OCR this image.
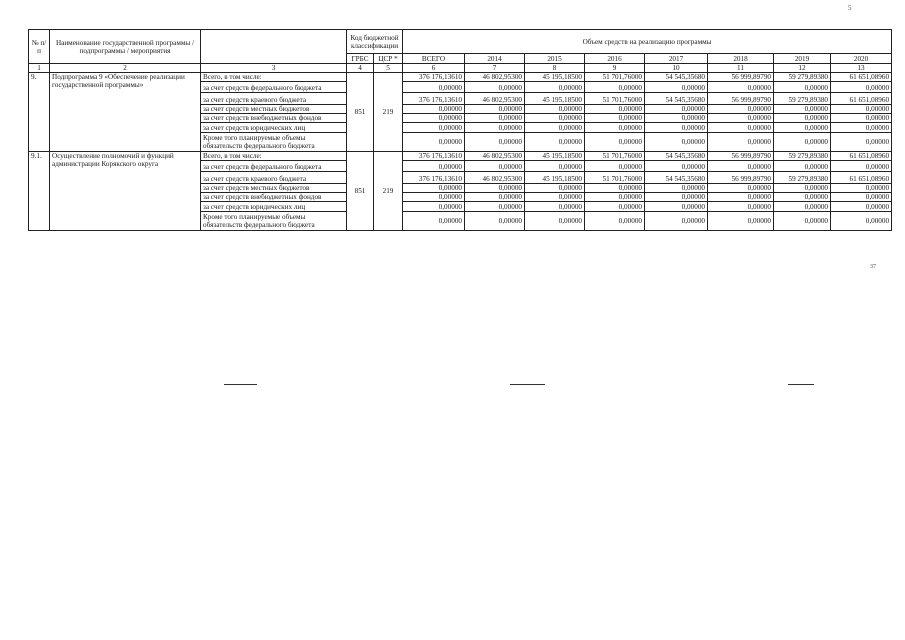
5
№ п/п	Наименование государственной программы / подпрограммы / мероприятия		Код бюджетной классификации		Объем средств на реализацию программы							
			ГРБС	ЦСР *	ВСЕГО	2014	2015	2016	2017	2018	2019	2020
1	2	3	4	5	6	7	8	9	10	11	12	13
9.	Подпрограмма 9 «Обеспечение реализации государственной программы»	Всего, в том числе:	851	219	376 176,13610	46 802,95300	45 195,18500	51 701,76000	54 545,35680	56 999,89790	59 279,89380	61 651,08960
		за счет средств федерального бюджета			0,00000	0,00000	0,00000	0,00000	0,00000	0,00000	0,00000	0,00000
		за счет средств краевого бюджета			376 176,13610	46 802,95300	45 195,18500	51 701,76000	54 545,35680	56 999,89790	59 279,89380	61 651,08960
		за счет средств местных бюджетов			0,00000	0,00000	0,00000	0,00000	0,00000	0,00000	0,00000	0,00000
		за счет средств внебюджетных фондов			0,00000	0,00000	0,00000	0,00000	0,00000	0,00000	0,00000	0,00000
		за счет средств юридических лиц			0,00000	0,00000	0,00000	0,00000	0,00000	0,00000	0,00000	0,00000
		Кроме того планируемые объемы обязательств федерального бюджета			0,00000	0,00000	0,00000	0,00000	0,00000	0,00000	0,00000	0,00000
9.1.	Осуществление полномочий и функций администрации Корякского округа	Всего, в том числе:	851	219	376 176,13610	46 802,95300	45 195,18500	51 701,76000	54 545,35680	56 999,89790	59 279,89380	61 651,08960
		за счет средств федерального бюджета			0,00000	0,00000	0,00000	0,00000	0,00000	0,00000	0,00000	0,00000
		за счет средств краевого бюджета			376 176,13610	46 802,95300	45 195,18500	51 701,76000	54 545,35680	56 999,89790	59 279,89380	61 651,08960
		за счет средств местных бюджетов			0,00000	0,00000	0,00000	0,00000	0,00000	0,00000	0,00000	0,00000
		за счет средств внебюджетных фондов			0,00000	0,00000	0,00000	0,00000	0,00000	0,00000	0,00000	0,00000
		за счет средств юридических лиц			0,00000	0,00000	0,00000	0,00000	0,00000	0,00000	0,00000	0,00000
		Кроме того планируемые объемы обязательств федерального бюджета			0,00000	0,00000	0,00000	0,00000	0,00000	0,00000	0,00000	0,00000
37
